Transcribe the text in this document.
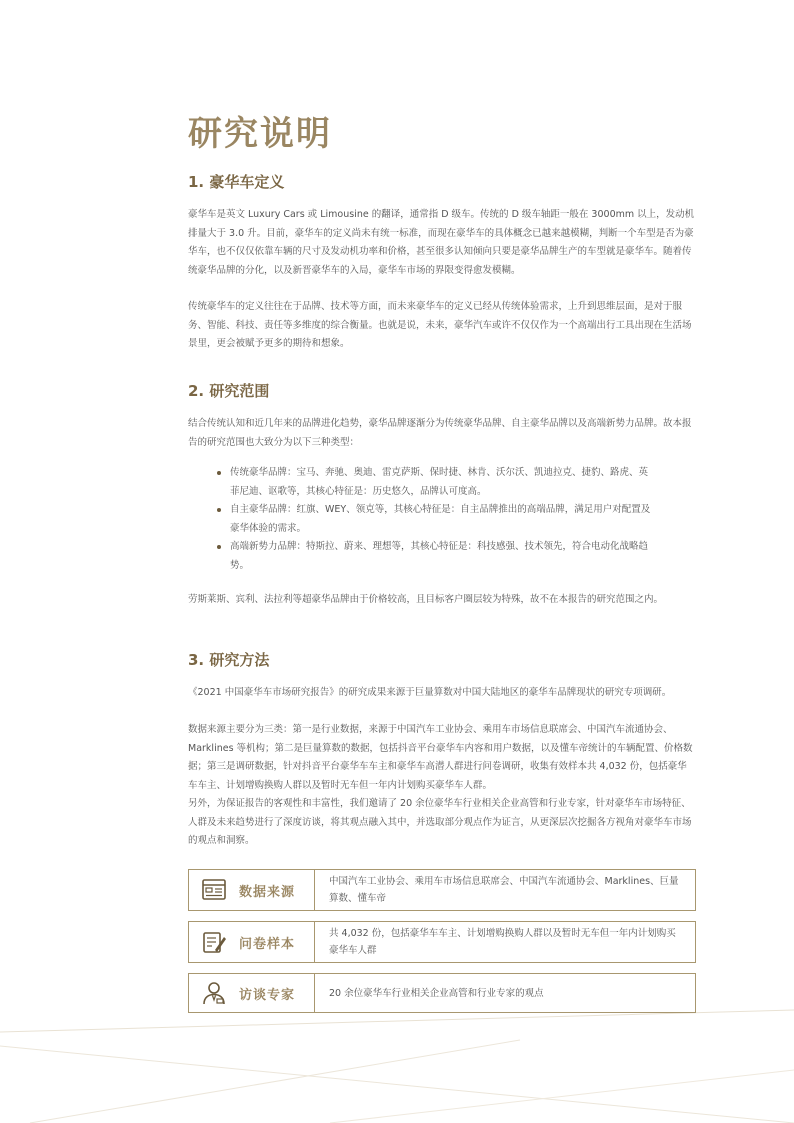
研究说明
1. 豪华车定义

豪华车是英文 Luxury Cars 或 Limousine 的翻译，通常指 D 级车。传统的 D 级车轴距一般在 3000mm 以上，发动机排量大于 3.0 升。目前，豪华车的定义尚未有统一标准，而现在豪华车的具体概念已越来越模糊，判断一个车型是否为豪华车，也不仅仅依靠车辆的尺寸及发动机功率和价格，甚至很多认知倾向只要是豪华品牌生产的车型就是豪华车。随着传统豪华品牌的分化，以及新晋豪华车的入局，豪华车市场的界限变得愈发模糊。

传统豪华车的定义往往在于品牌、技术等方面，而未来豪华车的定义已经从传统体验需求，上升到思维层面，是对于服务、智能、科技、责任等多维度的综合衡量。也就是说，未来，豪华汽车或许不仅仅作为一个高端出行工具出现在生活场景里，更会被赋予更多的期待和想象。

2. 研究范围

结合传统认知和近几年来的品牌进化趋势，豪华品牌逐渐分为传统豪华品牌、自主豪华品牌以及高端新势力品牌。故本报告的研究范围也大致分为以下三种类型：

传统豪华品牌：宝马、奔驰、奥迪、雷克萨斯、保时捷、林肯、沃尔沃、凯迪拉克、捷豹、路虎、英菲尼迪、讴歌等，其核心特征是：历史悠久，品牌认可度高。
自主豪华品牌：红旗、WEY、领克等，其核心特征是：自主品牌推出的高端品牌，满足用户对配置及豪华体验的需求。
高端新势力品牌：特斯拉、蔚来、理想等，其核心特征是：科技感强、技术领先，符合电动化战略趋势。

劳斯莱斯、宾利、法拉利等超豪华品牌由于价格较高，且目标客户圈层较为特殊，故不在本报告的研究范围之内。

3. 研究方法

《2021 中国豪华车市场研究报告》的研究成果来源于巨量算数对中国大陆地区的豪华车品牌现状的研究专项调研。

数据来源主要分为三类：第一是行业数据，来源于中国汽车工业协会、乘用车市场信息联席会、中国汽车流通协会、Marklines 等机构；第二是巨量算数的数据，包括抖音平台豪华车内容和用户数据，以及懂车帝统计的车辆配置、价格数据；第三是调研数据，针对抖音平台豪华车车主和豪华车高潜人群进行问卷调研，收集有效样本共 4,032 份，包括豪华车车主、计划增购换购人群以及暂时无车但一年内计划购买豪华车人群。

另外，为保证报告的客观性和丰富性，我们邀请了 20 余位豪华车行业相关企业高管和行业专家，针对豪华车市场特征、人群及未来趋势进行了深度访谈，将其观点融入其中，并选取部分观点作为证言，从更深层次挖掘各方视角对豪华车市场的观点和洞察。

数据来源
中国汽车工业协会、乘用车市场信息联席会、中国汽车流通协会、Marklines、巨量算数、懂车帝
问卷样本
共 4,032 份，包括豪华车车主、计划增购换购人群以及暂时无车但一年内计划购买豪华车人群
访谈专家	20 余位豪华车行业相关企业高管和行业专家的观点
